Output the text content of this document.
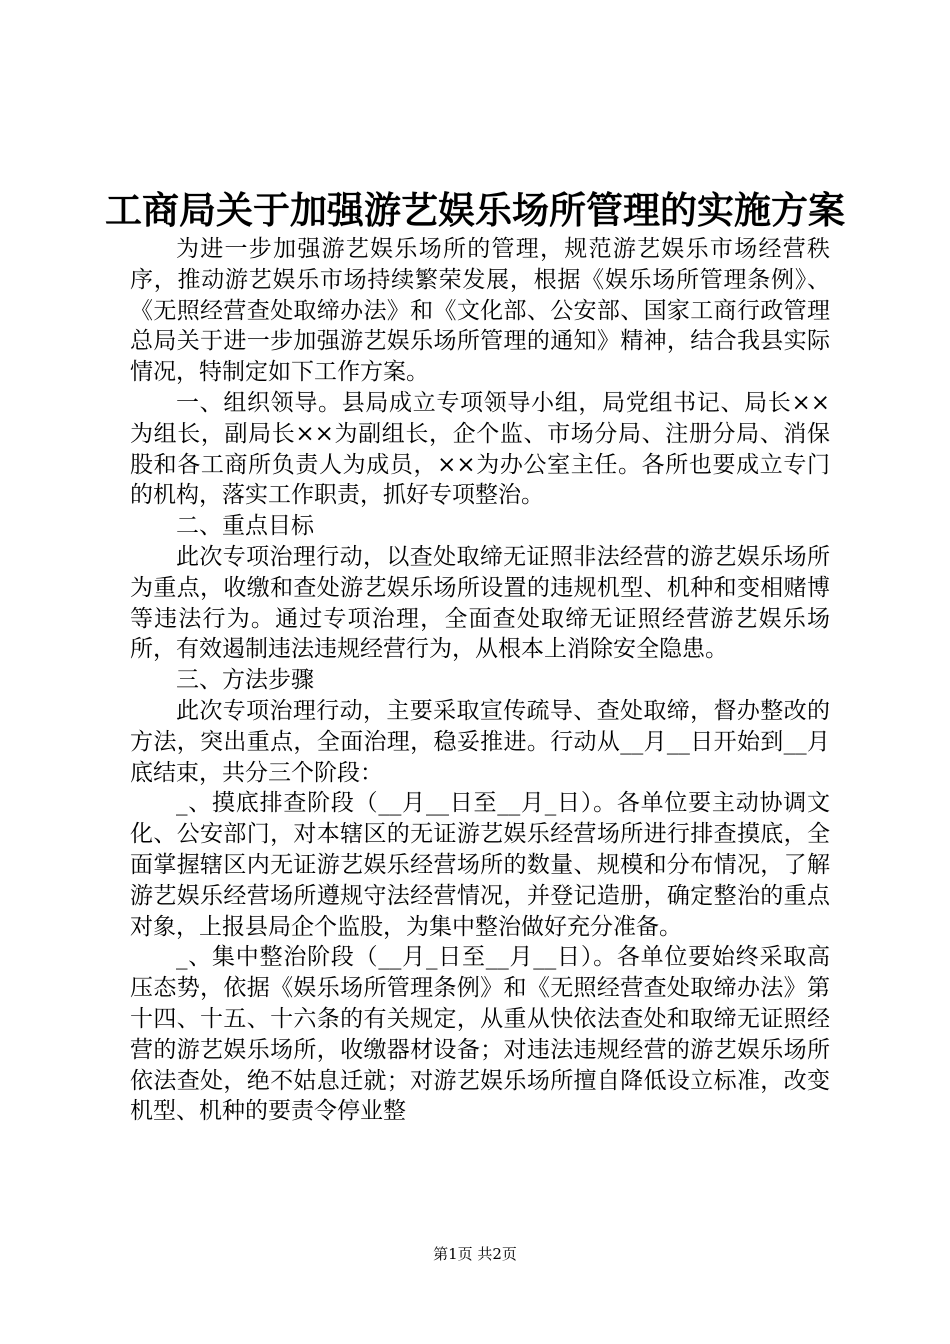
工商局关于加强游艺娱乐场所管理的实施方案

为进一步加强游艺娱乐场所的管理，规范游艺娱乐市场经营秩序，推动游艺娱乐市场持续繁荣发展，根据《娱乐场所管理条例》、《无照经营查处取缔办法》和《文化部、公安部、国家工商行政管理总局关于进一步加强游艺娱乐场所管理的通知》精神，结合我县实际情况，特制定如下工作方案。

一、组织领导。县局成立专项领导小组，局党组书记、局长××为组长，副局长××为副组长，企个监、市场分局、注册分局、消保股和各工商所负责人为成员，××为办公室主任。各所也要成立专门的机构，落实工作职责，抓好专项整治。

二、重点目标

此次专项治理行动，以查处取缔无证照非法经营的游艺娱乐场所为重点，收缴和查处游艺娱乐场所设置的违规机型、机种和变相赌博等违法行为。通过专项治理，全面查处取缔无证照经营游艺娱乐场所，有效遏制违法违规经营行为，从根本上消除安全隐患。

三、方法步骤

此次专项治理行动，主要采取宣传疏导、查处取缔，督办整改的方法，突出重点，全面治理，稳妥推进。行动从__月__日开始到__月底结束，共分三个阶段：

_、摸底排查阶段（__月__日至__月_日）。各单位要主动协调文化、公安部门，对本辖区的无证游艺娱乐经营场所进行排查摸底，全面掌握辖区内无证游艺娱乐经营场所的数量、规模和分布情况，了解游艺娱乐经营场所遵规守法经营情况，并登记造册，确定整治的重点对象，上报县局企个监股，为集中整治做好充分准备。

_、集中整治阶段（__月_日至__月__日）。各单位要始终采取高压态势，依据《娱乐场所管理条例》和《无照经营查处取缔办法》第十四、十五、十六条的有关规定，从重从快依法查处和取缔无证照经营的游艺娱乐场所，收缴器材设备；对违法违规经营的游艺娱乐场所依法查处，绝不姑息迁就；对游艺娱乐场所擅自降低设立标准，改变机型、机种的要责令停业整

第1页 共2页
